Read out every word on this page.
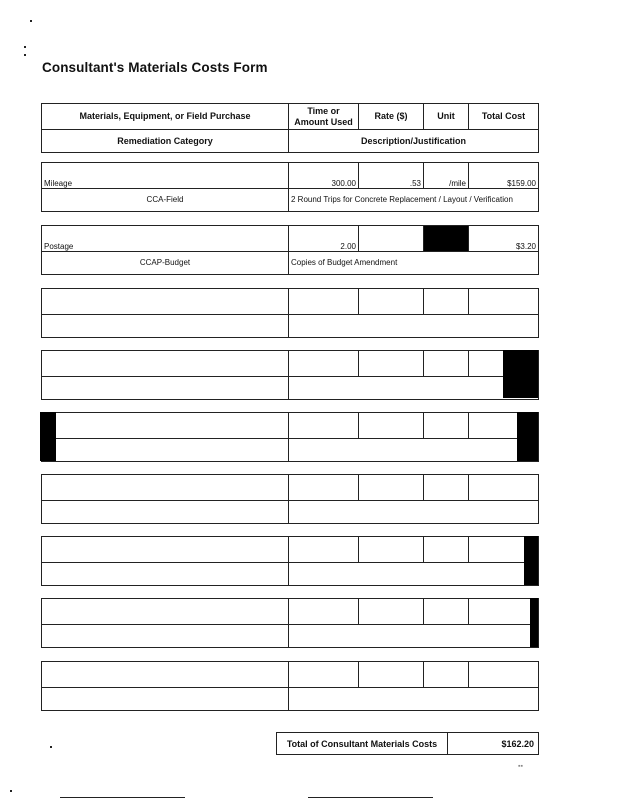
Consultant's Materials Costs Form
Materials, Equipment, or Field Purchase	Time or Amount Used	Rate ($)	Unit	Total Cost
Remediation Category	Description/Justification			
Mileage	300.00	.53	/mile	$159.00
CCA-Field	2 Round Trips for Concrete Replacement / Layout / Verification			
Postage	2.00			$3.20
CCAP-Budget	Copies of Budget Amendment			

Total of Consultant Materials Costs	$162.20
▪▪
